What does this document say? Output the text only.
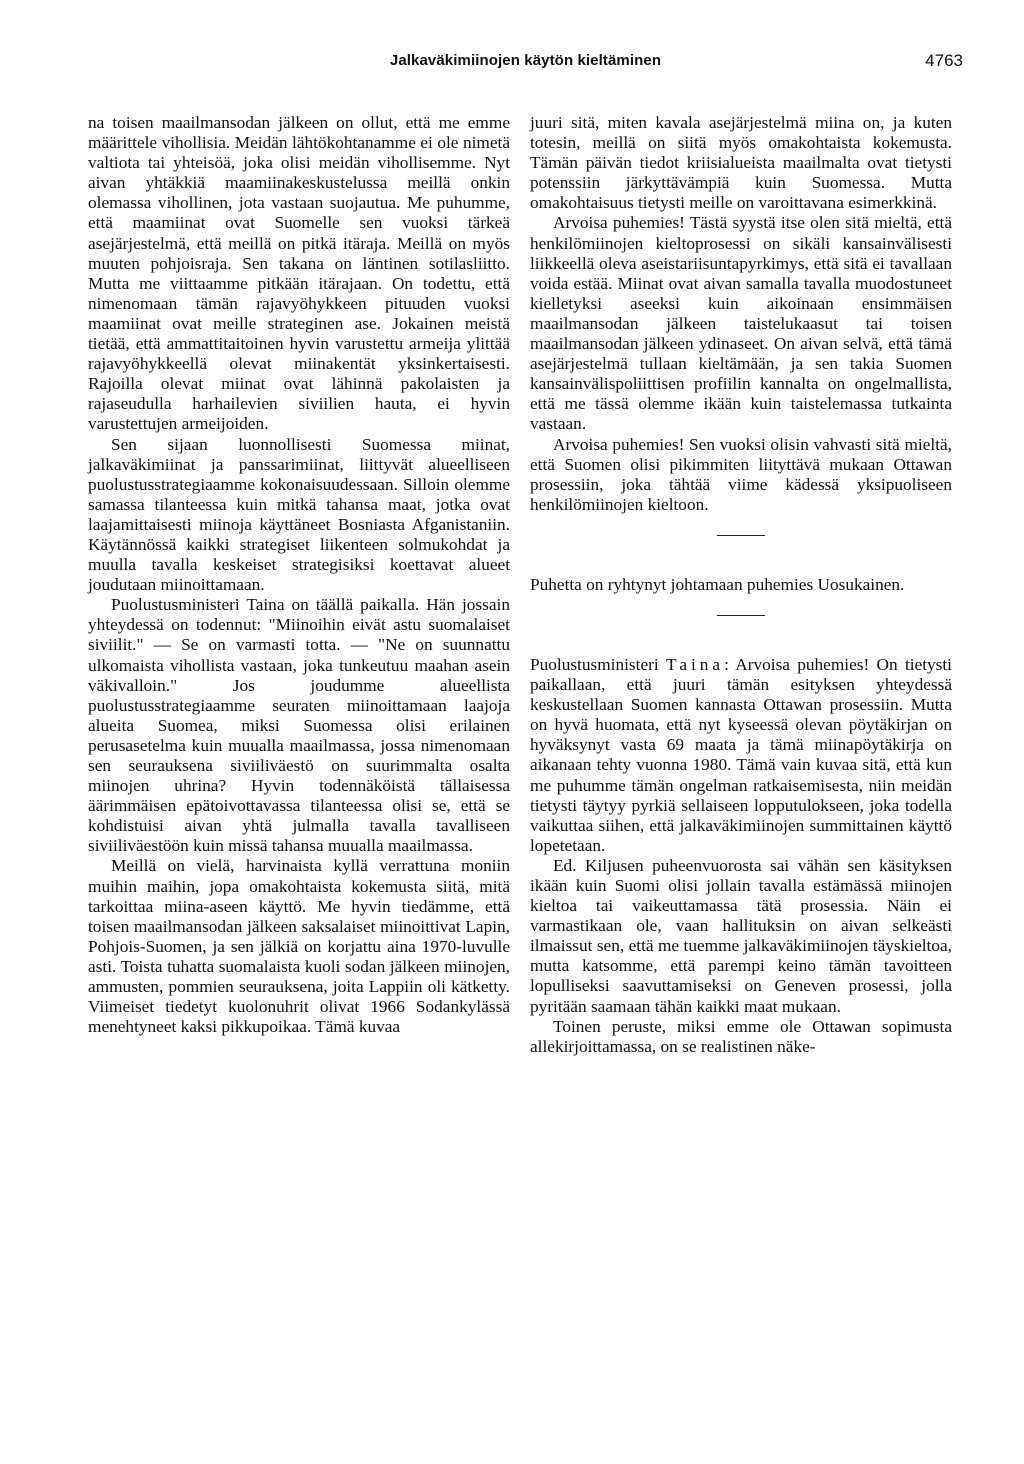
Jalkaväkimiinojen käytön kieltäminen	4763

na toisen maailmansodan jälkeen on ollut, että me emme määrittele vihollisia. Meidän lähtökohtanamme ei ole nimetä valtiota tai yhteisöä, joka olisi meidän vihollisemme. Nyt aivan yhtäkkiä maamiinakeskustelussa meillä onkin olemassa vihollinen, jota vastaan suojautua. Me puhumme, että maamiinat ovat Suomelle sen vuoksi tärkeä asejärjestelmä, että meillä on pitkä itäraja. Meillä on myös muuten pohjoisraja. Sen takana on läntinen sotilasliitto. Mutta me viittaamme pitkään itärajaan. On todettu, että nimenomaan tämän rajavyöhykkeen pituuden vuoksi maamiinat ovat meille strateginen ase. Jokainen meistä tietää, että ammattitaitoinen hyvin varustettu armeija ylittää rajavyöhykkeellä olevat miinakentät yksinkertaisesti. Rajoilla olevat miinat ovat lähinnä pakolaisten ja rajaseudulla harhailevien siviilien hauta, ei hyvin varustettujen armeijoiden.

Sen sijaan luonnollisesti Suomessa miinat, jalkaväkimiinat ja panssarimiinat, liittyvät alueelliseen puolustusstrategiaamme kokonaisuudessaan. Silloin olemme samassa tilanteessa kuin mitkä tahansa maat, jotka ovat laajamittaisesti miinoja käyttäneet Bosniasta Afganistaniin. Käytännössä kaikki strategiset liikenteen solmukohdat ja muulla tavalla keskeiset strategisiksi koettavat alueet joudutaan miinoittamaan.

Puolustusministeri Taina on täällä paikalla. Hän jossain yhteydessä on todennut: "Miinoihin eivät astu suomalaiset siviilit." — Se on varmasti totta. — "Ne on suunnattu ulkomaista vihollista vastaan, joka tunkeutuu maahan asein väkivalloin." Jos joudumme alueellista puolustusstrategiaamme seuraten miinoittamaan laajoja alueita Suomea, miksi Suomessa olisi erilainen perusasetelma kuin muualla maailmassa, jossa nimenomaan sen seurauksena siviiliväestö on suurimmalta osalta miinojen uhrina? Hyvin todennäköistä tällaisessa äärimmäisen epätoivottavassa tilanteessa olisi se, että se kohdistuisi aivan yhtä julmalla tavalla tavalliseen siviiliväestöön kuin missä tahansa muualla maailmassa.

Meillä on vielä, harvinaista kyllä verrattuna moniin muihin maihin, jopa omakohtaista kokemusta siitä, mitä tarkoittaa miina-aseen käyttö. Me hyvin tiedämme, että toisen maailmansodan jälkeen saksalaiset miinoittivat Lapin, Pohjois-Suomen, ja sen jälkiä on korjattu aina 1970-luvulle asti. Toista tuhatta suomalaista kuoli sodan jälkeen miinojen, ammusten, pommien seurauksena, joita Lappiin oli kätketty. Viimeiset tiedetyt kuolonuhrit olivat 1966 Sodankylässä menehtyneet kaksi pikkupoikaa. Tämä kuvaa

juuri sitä, miten kavala asejärjestelmä miina on, ja kuten totesin, meillä on siitä myös omakohtaista kokemusta. Tämän päivän tiedot kriisialueista maailmalta ovat tietysti potenssiin järkyttävämpiä kuin Suomessa. Mutta omakohtaisuus tietysti meille on varoittavana esimerkkinä.

Arvoisa puhemies! Tästä syystä itse olen sitä mieltä, että henkilömiinojen kieltoprosessi on sikäli kansainvälisesti liikkeellä oleva aseistariisuntapyrkimys, että sitä ei tavallaan voida estää. Miinat ovat aivan samalla tavalla muodostuneet kielletyksi aseeksi kuin aikoinaan ensimmäisen maailmansodan jälkeen taistelukaasut tai toisen maailmansodan jälkeen ydinaseet. On aivan selvä, että tämä asejärjestelmä tullaan kieltämään, ja sen takia Suomen kansainvälispoliittisen profiilin kannalta on ongelmallista, että me tässä olemme ikään kuin taistelemassa tutkainta vastaan.

Arvoisa puhemies! Sen vuoksi olisin vahvasti sitä mieltä, että Suomen olisi pikimmiten liityttävä mukaan Ottawan prosessiin, joka tähtää viime kädessä yksipuoliseen henkilömiinojen kieltoon.

Puhetta on ryhtynyt johtamaan puhemies Uosukainen.

Puolustusministeri Taina: Arvoisa puhemies! On tietysti paikallaan, että juuri tämän esityksen yhteydessä keskustellaan Suomen kannasta Ottawan prosessiin. Mutta on hyvä huomata, että nyt kyseessä olevan pöytäkirjan on hyväksynyt vasta 69 maata ja tämä miinapöytäkirja on aikanaan tehty vuonna 1980. Tämä vain kuvaa sitä, että kun me puhumme tämän ongelman ratkaisemisesta, niin meidän tietysti täytyy pyrkiä sellaiseen lopputulokseen, joka todella vaikuttaa siihen, että jalkaväkimiinojen summittainen käyttö lopetetaan.

Ed. Kiljusen puheenvuorosta sai vähän sen käsityksen ikään kuin Suomi olisi jollain tavalla estämässä miinojen kieltoa tai vaikeuttamassa tätä prosessia. Näin ei varmastikaan ole, vaan hallituksin on aivan selkeästi ilmaissut sen, että me tuemme jalkaväkimiinojen täyskieltoa, mutta katsomme, että parempi keino tämän tavoitteen lopulliseksi saavuttamiseksi on Geneven prosessi, jolla pyritään saamaan tähän kaikki maat mukaan.

Toinen peruste, miksi emme ole Ottawan sopimusta allekirjoittamassa, on se realistinen näke-
